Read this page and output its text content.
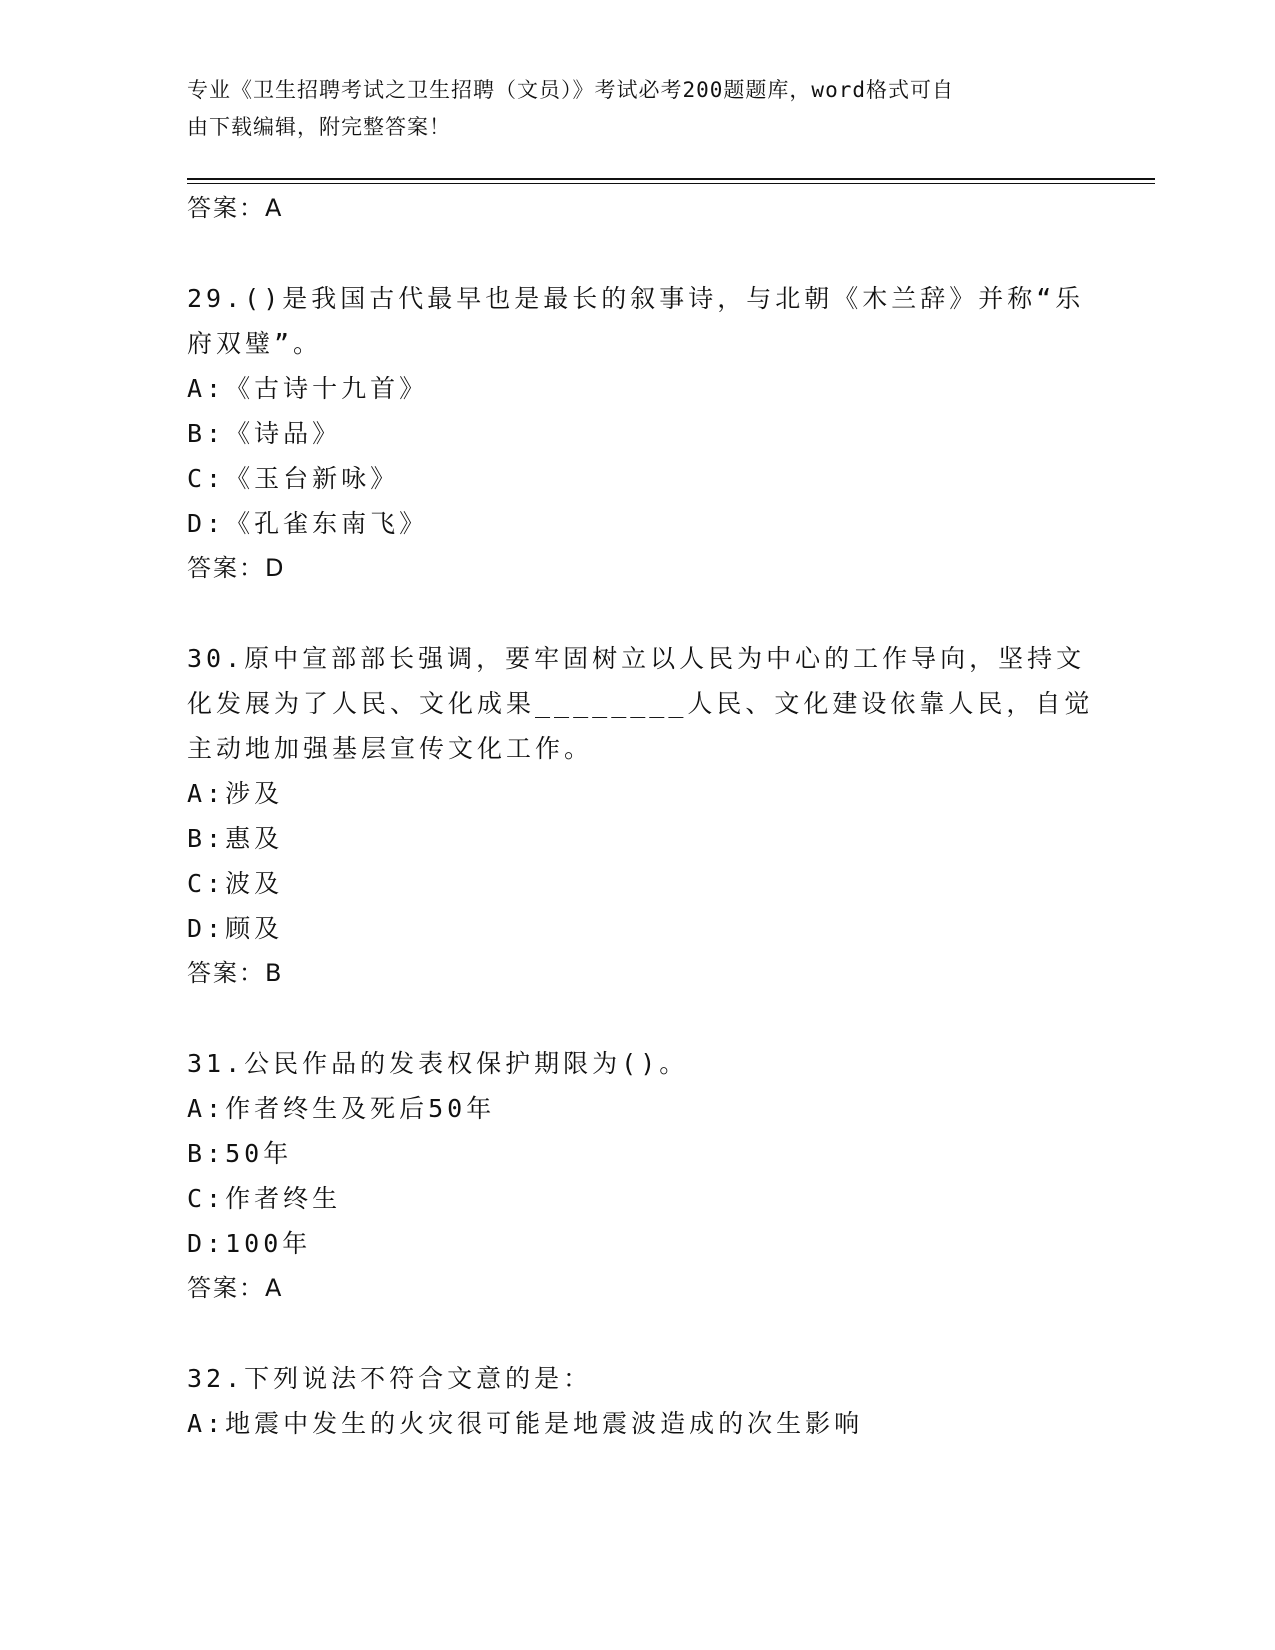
专业《卫生招聘考试之卫生招聘（文员）》考试必考200题题库，word格式可自
由下载编辑，附完整答案！
答案：A
29.()是我国古代最早也是最长的叙事诗，与北朝《木兰辞》并称“乐
府双璧”。
A:《古诗十九首》
B:《诗品》
C:《玉台新咏》
D:《孔雀东南飞》
答案：D
30.原中宣部部长强调，要牢固树立以人民为中心的工作导向，坚持文
化发展为了人民、文化成果________人民、文化建设依靠人民，自觉
主动地加强基层宣传文化工作。
A:涉及
B:惠及
C:波及
D:顾及
答案：B
31.公民作品的发表权保护期限为()。
A:作者终生及死后50年
B:50年
C:作者终生
D:100年
答案：A
32.下列说法不符合文意的是：
A:地震中发生的火灾很可能是地震波造成的次生影响
